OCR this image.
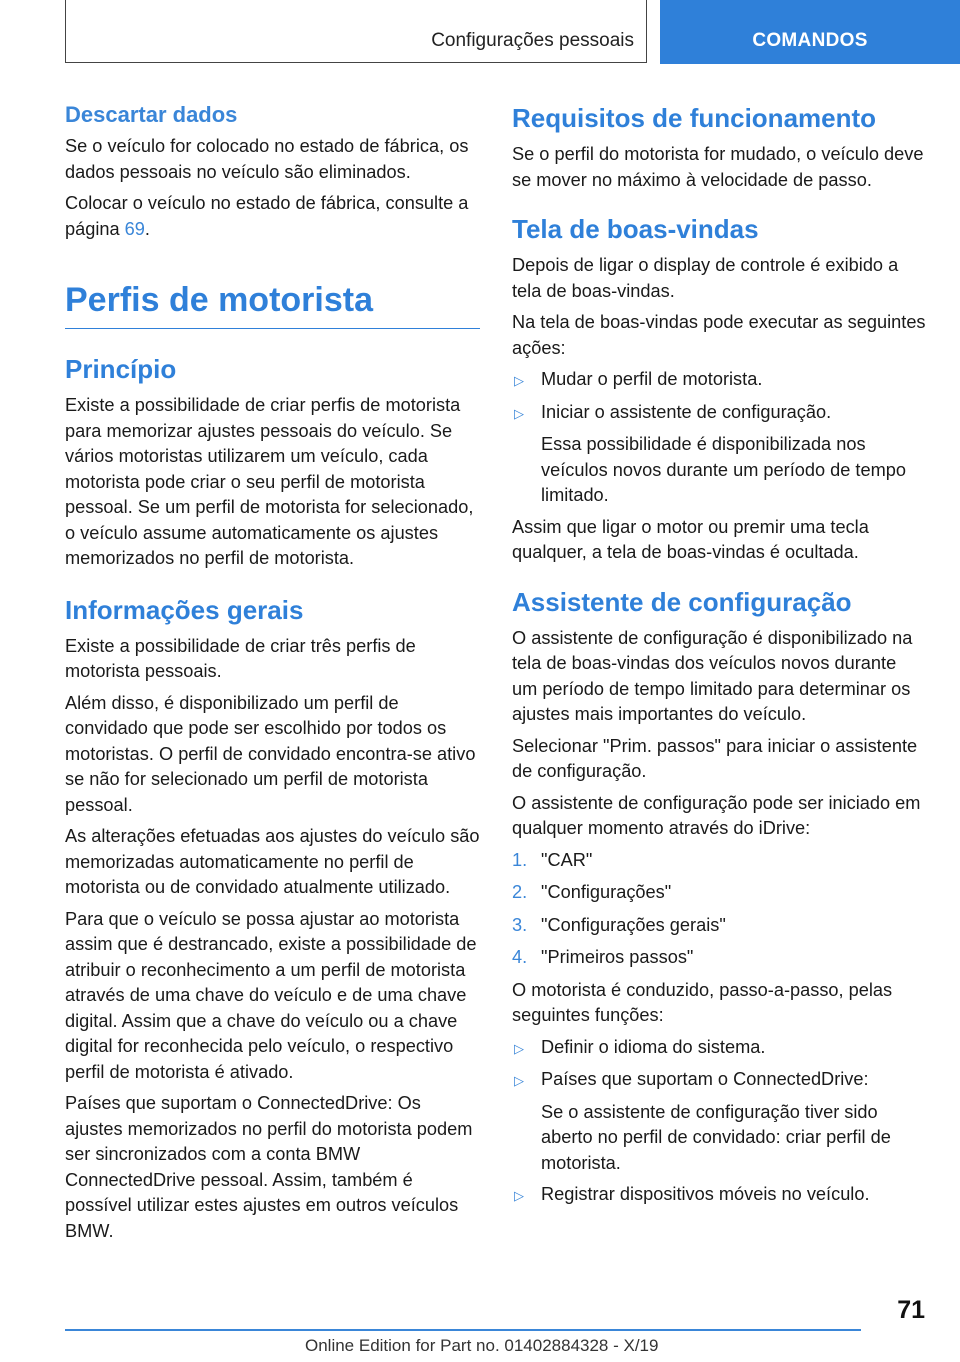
Configurações pessoais	COMANDOS
Descartar dados

Se o veículo for colocado no estado de fábrica, os dados pessoais no veículo são eliminados.

Colocar o veículo no estado de fábrica, consulte a página 69.

Perfis de motorista
Princípio

Existe a possibilidade de criar perfis de motorista para memorizar ajustes pessoais do veículo. Se vários motoristas utilizarem um veículo, cada motorista pode criar o seu perfil de motorista pessoal. Se um perfil de motorista for selecionado, o veículo assume automaticamente os ajustes memorizados no perfil de motorista.

Informações gerais

Existe a possibilidade de criar três perfis de motorista pessoais.

Além disso, é disponibilizado um perfil de convidado que pode ser escolhido por todos os motoristas. O perfil de convidado encontra-se ativo se não for selecionado um perfil de motorista pessoal.

As alterações efetuadas aos ajustes do veículo são memorizadas automaticamente no perfil de motorista ou de convidado atualmente utilizado.

Para que o veículo se possa ajustar ao motorista assim que é destrancado, existe a possibilidade de atribuir o reconhecimento a um perfil de motorista através de uma chave do veículo e de uma chave digital. Assim que a chave do veículo ou a chave digital for reconhecida pelo veículo, o respectivo perfil de motorista é ativado.

Países que suportam o ConnectedDrive: Os ajustes memorizados no perfil do motorista podem ser sincronizados com a conta BMW ConnectedDrive pessoal. Assim, também é possível utilizar estes ajustes em outros veículos BMW.

Requisitos de funcionamento

Se o perfil do motorista for mudado, o veículo deve se mover no máximo à velocidade de passo.

Tela de boas-vindas

Depois de ligar o display de controle é exibido a tela de boas-vindas.

Na tela de boas-vindas pode executar as seguintes ações:

▷ Mudar o perfil de motorista.
▷ Iniciar o assistente de configuração.

Essa possibilidade é disponibilizada nos veículos novos durante um período de tempo limitado.

Assim que ligar o motor ou premir uma tecla qualquer, a tela de boas-vindas é ocultada.

Assistente de configuração

O assistente de configuração é disponibilizado na tela de boas-vindas dos veículos novos durante um período de tempo limitado para determinar os ajustes mais importantes do veículo.

Selecionar "Prim. passos" para iniciar o assistente de configuração.

O assistente de configuração pode ser iniciado em qualquer momento através do iDrive:

1. "CAR"
2. "Configurações"
3. "Configurações gerais"
4. "Primeiros passos"

O motorista é conduzido, passo-a-passo, pelas seguintes funções:

▷ Definir o idioma do sistema.
▷ Países que suportam o ConnectedDrive:

Se o assistente de configuração tiver sido aberto no perfil de convidado: criar perfil de motorista.

▷ Registrar dispositivos móveis no veículo.
71
Online Edition for Part no. 01402884328 - X/19
